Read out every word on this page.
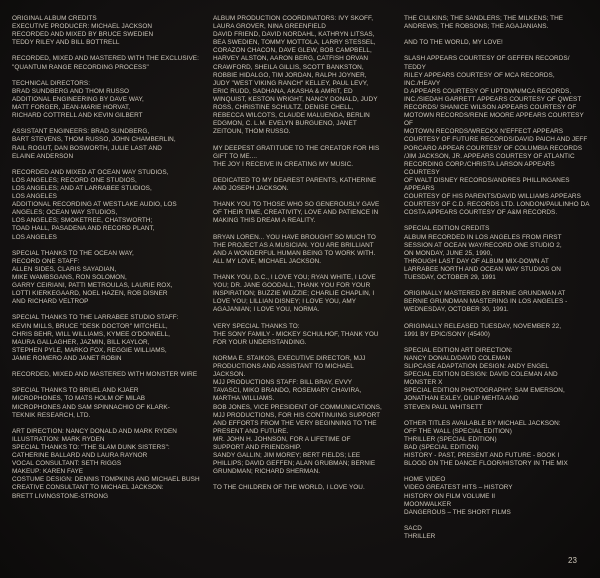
ORIGINAL ALBUM CREDITS
EXECUTIVE PRODUCER: MICHAEL JACKSON
RECORDED AND MIXED BY BRUCE SWEDIEN
TEDDY RILEY AND BILL BOTTRELL
RECORDED, MIXED AND MASTERED WITH THE EXCLUSIVE:
"QUANTUM RANGE RECORDING PROCESS"
TECHNICAL DIRECTORS:
BRAD SUNDBERG AND THOM RUSSO
ADDITIONAL ENGINEERING BY DAVE WAY,
MATT FORGER, JEAN-MARIE HORVAT,
RICHARD COTTRELL AND KEVIN GILBERT
ASSISTANT ENGINEERS: BRAD SUNDBERG,
BART STEVENS, THOM RUSSO, JOHN CHAMBERLIN,
RAIL ROGUT, DAN BOSWORTH, JULIE LAST AND
ELAINE ANDERSON
RECORDED AND MIXED AT OCEAN WAY STUDIOS,
LOS ANGELES; RECORD ONE STUDIOS,
LOS ANGELES; AND AT LARRABEE STUDIOS,
LOS ANGELES
ADDITIONAL RECORDING AT WESTLAKE AUDIO, LOS
ANGELES; OCEAN WAY STUDIOS,
LOS ANGELES; SMOKETREE, CHATSWORTH;
TOAD HALL, PASADENA AND RECORD PLANT,
LOS ANGELES
SPECIAL THANKS TO THE OCEAN WAY,
RECORD ONE STAFF:
ALLEN SIDES, CLARIS SAYADIAN,
MIKE WAMBSGANS, RON SOLOMON,
GARRY CEIRIANI, PATTI METROULAS, LAURIE ROX,
LOTTI KIERKEGAARD, NOEL HAZEN, ROB DISNER
AND RICHARD VELTROP
SPECIAL THANKS TO THE LARRABEE STUDIO STAFF:
KEVIN MILLS, BRUCE "DESK DOCTOR" MITCHELL,
CHRIS BEHR, WILL WILLIAMS, KYMEE O'DONNELL,
MAURA GALLAGHER, JAZMIN, BILL KAYLOR,
STEPHEN PYLE, MARKO FOX, REGGIE WILLIAMS,
JAMIE ROMERO AND JANET ROBIN
RECORDED, MIXED AND MASTERED WITH MONSTER WIRE
SPECIAL THANKS TO BRUEL AND KJAER
MICROPHONES, TO MATS HOLM OF MILAB
MICROPHONES AND SAM SPINNACHIO OF KLARK-
TEKNIK RESEARCH, LTD.
ART DIRECTION: NANCY DONALD AND MARK RYDEN
ILLUSTRATION: MARK RYDEN
SPECIAL THANKS TO: "THE SLAM DUNK SISTERS":
CATHERINE BALLARD AND LAURA RAYNOR
VOCAL CONSULTANT: SETH RIGGS
MAKEUP: KAREN FAYE
COSTUME DESIGN: DENNIS TOMPKINS AND MICHAEL BUSH
CREATIVE CONSULTANT TO MICHAEL JACKSON:
BRETT LIVINGSTONE-STRONG
ALBUM PRODUCTION COORDINATORS: IVY SKOFF,
LAURA GROVER, NINA GREENFIELD
DAVID FRIEND, DAVID NORDAHL, KATHRYN LITSAS,
BEA SWEDIEN, TOMMY MOTTOLA, LARRY STESSEL,
CORAZON CHACON, DAVE GLEW, BOB CAMPBELL,
HARVEY ALSTON, AARON BERG, CATFISH ORVAN
CRAWFORD, SHEILA GILLIS, SCOTT BANKSTON,
ROBBIE HIDALGO, TIM JORDAN, RALPH JOYNER,
JUDY "WEST VIKING RANCH" KELLEY, PAUL LEVY,
ERIC RUDD, SADHANA, AKASHA & AMRIT, ED
WINQUIST, KESTON WRIGHT, NANCY DONALD, JUDY
ROSS, CHRISTINE SCHULTZ, DENISE CHELL,
REBECCA WILCOTS, CLAUDE MALUENDA, BERLIN
EDGMON, C. L.M. EVELYN BURGUENO, JANET
ZEITOUN, THOM RUSSO.
MY DEEPEST GRATITUDE TO THE CREATOR FOR HIS
GIFT TO ME....
THE JOY I RECEIVE IN CREATING MY MUSIC.
DEDICATED TO MY DEAREST PARENTS, KATHERINE
AND JOSEPH JACKSON.
THANK YOU TO THOSE WHO SO GENEROUSLY GAVE
OF THEIR TIME, CREATIVITY, LOVE AND PATIENCE IN
MAKING THIS DREAM A REALITY.
BRYAN LOREN... YOU HAVE BROUGHT SO MUCH TO
THE PROJECT AS A MUSICIAN. YOU ARE BRILLIANT
AND A WONDERFUL HUMAN BEING TO WORK WITH.
ALL MY LOVE, MICHAEL JACKSON.
THANK YOU, D.C., I LOVE YOU; RYAN WHITE, I LOVE
YOU; DR. JANE GOODALL, THANK YOU FOR YOUR
INSPIRATION; BUZZIE WUZZIE; CHARLIE CHAPLIN, I
LOVE YOU; LILLIAN DISNEY; I LOVE YOU, AMY
AGAJANIAN; I LOVE YOU, NORMA.
VERY SPECIAL THANKS TO:
THE SONY FAMILY - MICKEY SCHULHOF, THANK YOU
FOR YOUR UNDERSTANDING.
NORMA E. STAIKOS, EXECUTIVE DIRECTOR, MJJ
PRODUCTIONS AND ASSISTANT TO MICHAEL
JACKSON.
MJJ PRODUCTIONS STAFF: BILL BRAY, EVVY
TAVASCI, MIKO BRANDO, ROSEMARY CHAVIRA,
MARTHA WILLIAMS.
BOB JONES, VICE PRESIDENT OF COMMUNICATIONS,
MJJ PRODUCTIONS, FOR HIS CONTINUING SUPPORT
AND EFFORTS FROM THE VERY BEGINNING TO THE
PRESENT AND FUTURE.
MR. JOHN H. JOHNSON, FOR A LIFETIME OF
SUPPORT AND FRIENDSHIP.
SANDY GALLIN; JIM MOREY; BERT FIELDS; LEE
PHILLIPS; DAVID GEFFEN; ALAN GRUBMAN; BERNIE
GRUNDMAN; RICHARD SHERMAN.
TO THE CHILDREN OF THE WORLD, I LOVE YOU.
THE CULKINS; THE SANDLERS; THE MILKENS; THE
ANDREWS; THE ROBSONS; THE AGAJANIANS.
AND TO THE WORLD, MY LOVE!
SLASH APPEARS COURTESY OF GEFFEN RECORDS/ TEDDY
RILEY APPEARS COURTESY OF MCA RECORDS, INC./HEAVY
D APPEARS COURTESY OF UPTOWN/MCA RECORDS,
INC./SIEDAH GARRETT APPEARS COURTESY OF QWEST
RECORDS/ SHANICE WILSON APPEARS COURTESY OF
MOTOWN RECORDS/RENE MOORE APPEARS COURTESY OF
MOTOWN RECORDS/WRECKX N'EFFECT APPEARS
COURTESY OF FUTURE RECORDS/DAVID PAICH AND JEFF
PORCARO APPEAR COURTESY OF COLUMBIA RECORDS
/JIM JACKSON, JR. APPEARS COURTESY OF ATLANTIC
RECORDING CORP./CHRISTA LARSON APPEARS COURTESY
OF WALT DISNEY RECORDS/ANDRES PHILLINGANES APPEARS
COURTESY OF HIS PARENTS/DAVID WILLIAMS APPEARS
COURTESY OF C.D. RECORDS LTD. LONDON/PAULINHO DA
COSTA APPEARS COURTESY OF A&M RECORDS.
SPECIAL EDITION CREDITS
ALBUM RECORDED IN LOS ANGELES FROM FIRST
SESSION AT OCEAN WAY/RECORD ONE STUDIO 2,
ON MONDAY, JUNE 25, 1990,
THROUGH LAST DAY OF ALBUM MIX-DOWN AT
LARRABEE NORTH AND OCEAN WAY STUDIOS ON
TUESDAY, OCTOBER 29, 1991
ORIGINALLY MASTERED BY BERNIE GRUNDMAN AT
BERNIE GRUNDMAN MASTERING IN LOS ANGELES -
WEDNESDAY, OCTOBER 30, 1991.
ORIGINALLY RELEASED TUESDAY, NOVEMBER 22,
1991 BY EPIC/SONY (45400)
SPECIAL EDITION ART DIRECTION:
NANCY DONALD/DAVID COLEMAN
SLIPCASE ADAPTATION DESIGN: ANDY ENGEL
SPECIAL EDITION DESIGN: DAVID COLEMAN AND
MONSTER X
SPECIAL EDITION PHOTOGRAPHY: SAM EMERSON,
JONATHAN EXLEY, DILIP MEHTA AND
STEVEN PAUL WHITSETT
OTHER TITLES AVAILABLE BY MICHAEL JACKSON:
OFF THE WALL (SPECIAL EDITION)
THRILLER (SPECIAL EDITION)
BAD (SPECIAL EDITION)
HISTORY - PAST, PRESENT AND FUTURE - BOOK I
BLOOD ON THE DANCE FLOOR/HISTORY IN THE MIX
HOME VIDEO
VIDEO GREATEST HITS – HISTORY
HISTORY ON FILM VOLUME II
MOONWALKER
DANGEROUS – THE SHORT FILMS
SACD
THRILLER
23
